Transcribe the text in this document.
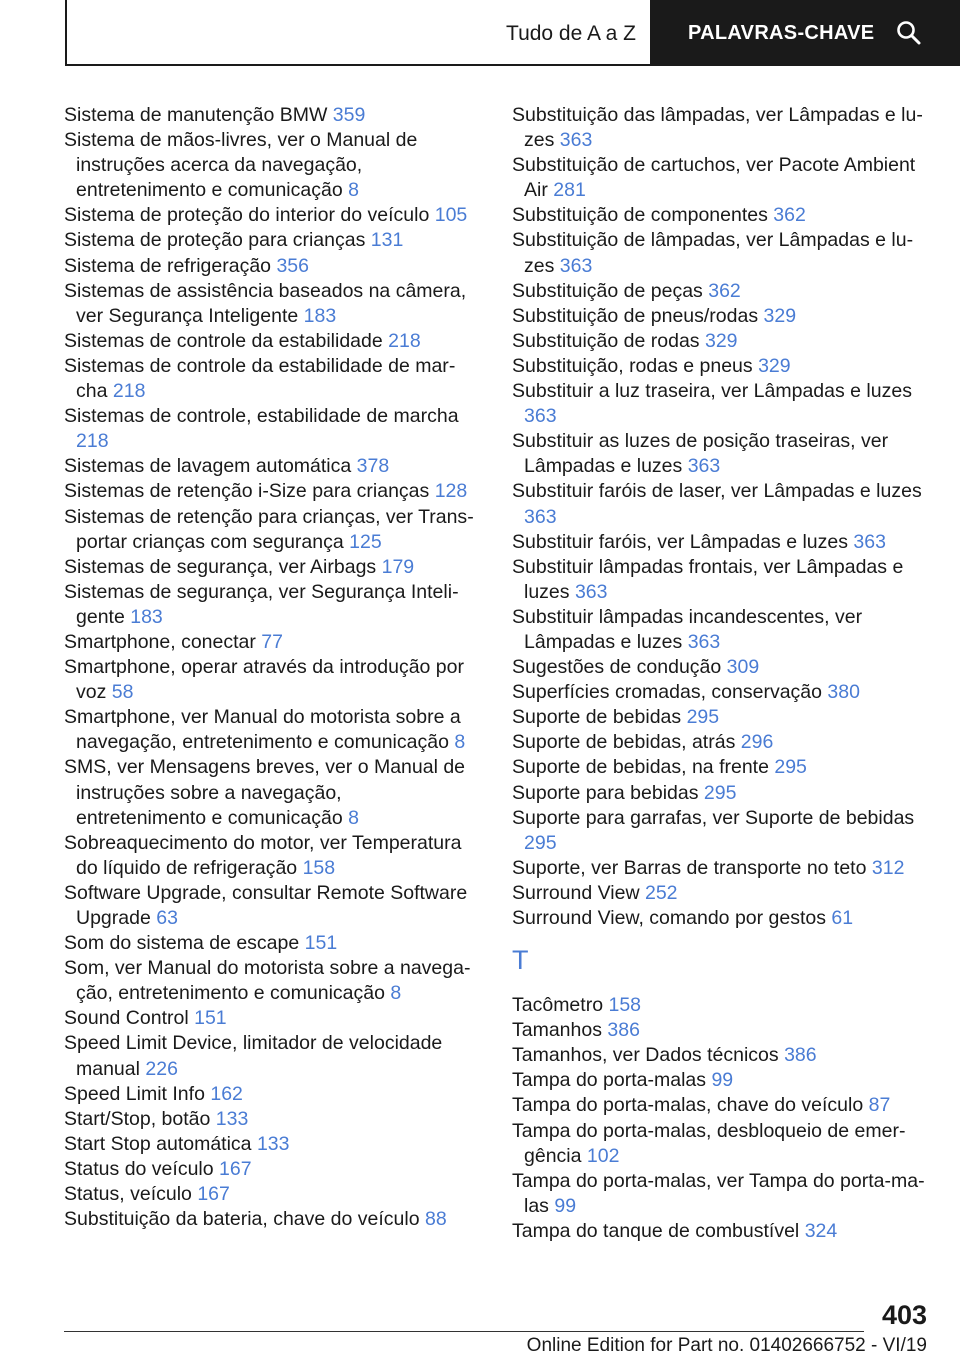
Tudo de A a Z	PALAVRAS-CHAVE

Sistema de manutenção BMW 359

Sistema de mãos-livres, ver o Manual de instruções acerca da navegação, entretenimento e comunicação 8

Sistema de proteção do interior do veículo 105

Sistema de proteção para crianças 131

Sistema de refrigeração 356

Sistemas de assistência baseados na câmera, ver Segurança Inteligente 183

Sistemas de controle da estabilidade 218

Sistemas de controle da estabilidade de marcha 218

Sistemas de controle, estabilidade de marcha 218

Sistemas de lavagem automática 378

Sistemas de retenção i-Size para crianças 128

Sistemas de retenção para crianças, ver Transportar crianças com segurança 125

Sistemas de segurança, ver Airbags 179

Sistemas de segurança, ver Segurança Inteligente 183

Smartphone, conectar 77

Smartphone, operar através da introdução por voz 58

Smartphone, ver Manual do motorista sobre a navegação, entretenimento e comunicação 8

SMS, ver Mensagens breves, ver o Manual de instruções sobre a navegação, entretenimento e comunicação 8

Sobreaquecimento do motor, ver Temperatura do líquido de refrigeração 158

Software Upgrade, consultar Remote Software Upgrade 63

Som do sistema de escape 151

Som, ver Manual do motorista sobre a navegação, entretenimento e comunicação 8

Sound Control 151

Speed Limit Device, limitador de velocidade manual 226

Speed Limit Info 162

Start/Stop, botão 133

Start Stop automática 133

Status do veículo 167

Status, veículo 167

Substituição da bateria, chave do veículo 88

Substituição das lâmpadas, ver Lâmpadas e luzes 363

Substituição de cartuchos, ver Pacote Ambient Air 281

Substituição de componentes 362

Substituição de lâmpadas, ver Lâmpadas e luzes 363

Substituição de peças 362

Substituição de pneus/rodas 329

Substituição de rodas 329

Substituição, rodas e pneus 329

Substituir a luz traseira, ver Lâmpadas e luzes 363

Substituir as luzes de posição traseiras, ver Lâmpadas e luzes 363

Substituir faróis de laser, ver Lâmpadas e luzes 363

Substituir faróis, ver Lâmpadas e luzes 363

Substituir lâmpadas frontais, ver Lâmpadas e luzes 363

Substituir lâmpadas incandescentes, ver Lâmpadas e luzes 363

Sugestões de condução 309

Superfícies cromadas, conservação 380

Suporte de bebidas 295

Suporte de bebidas, atrás 296

Suporte de bebidas, na frente 295

Suporte para bebidas 295

Suporte para garrafas, ver Suporte de bebidas 295

Suporte, ver Barras de transporte no teto 312

Surround View 252

Surround View, comando por gestos 61

T

Tacômetro 158

Tamanhos 386

Tamanhos, ver Dados técnicos 386

Tampa do porta-malas 99

Tampa do porta-malas, chave do veículo 87

Tampa do porta-malas, desbloqueio de emergência 102

Tampa do porta-malas, ver Tampa do porta-malas 99

Tampa do tanque de combustível 324

403
Online Edition for Part no. 01402666752 - VI/19
